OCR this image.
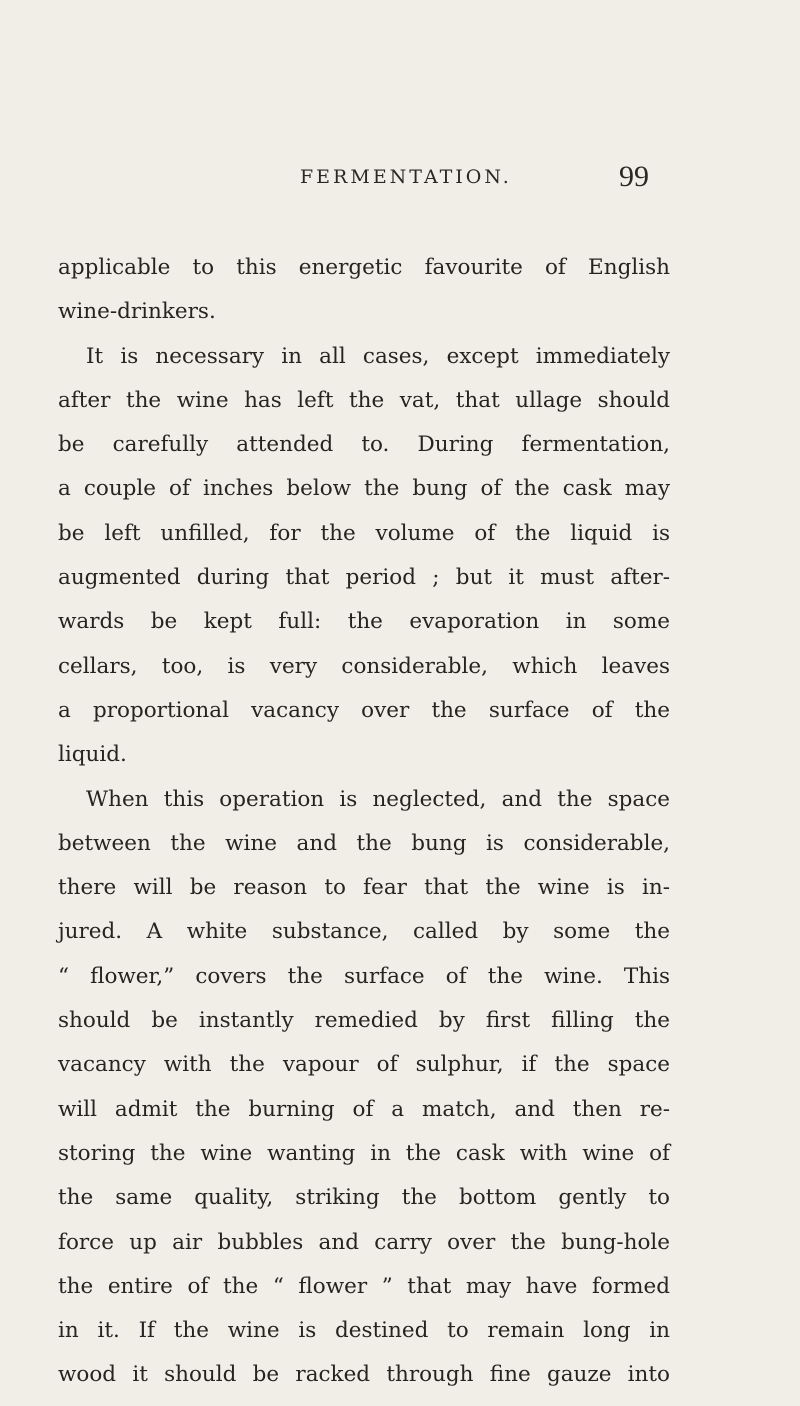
FERMENTATION.	99
applicable to this energetic favourite of English
wine-drinkers.
It is necessary in all cases, except immediately
after the wine has left the vat, that ullage should
be carefully attended to. During fermentation,
a couple of inches below the bung of the cask may
be left unfilled, for the volume of the liquid is
augmented during that period ; but it must after-
wards be kept full: the evaporation in some
cellars, too, is very considerable, which leaves
a proportional vacancy over the surface of the
liquid.
When this operation is neglected, and the space
between the wine and the bung is considerable,
there will be reason to fear that the wine is in-
jured. A white substance, called by some the
“ flower,” covers the surface of the wine. This
should be instantly remedied by first filling the
vacancy with the vapour of sulphur, if the space
will admit the burning of a match, and then re-
storing the wine wanting in the cask with wine of
the same quality, striking the bottom gently to
force up air bubbles and carry over the bung-hole
the entire of the “ flower ” that may have formed
in it. If the wine is destined to remain long in
wood it should be racked through fine gauze into
